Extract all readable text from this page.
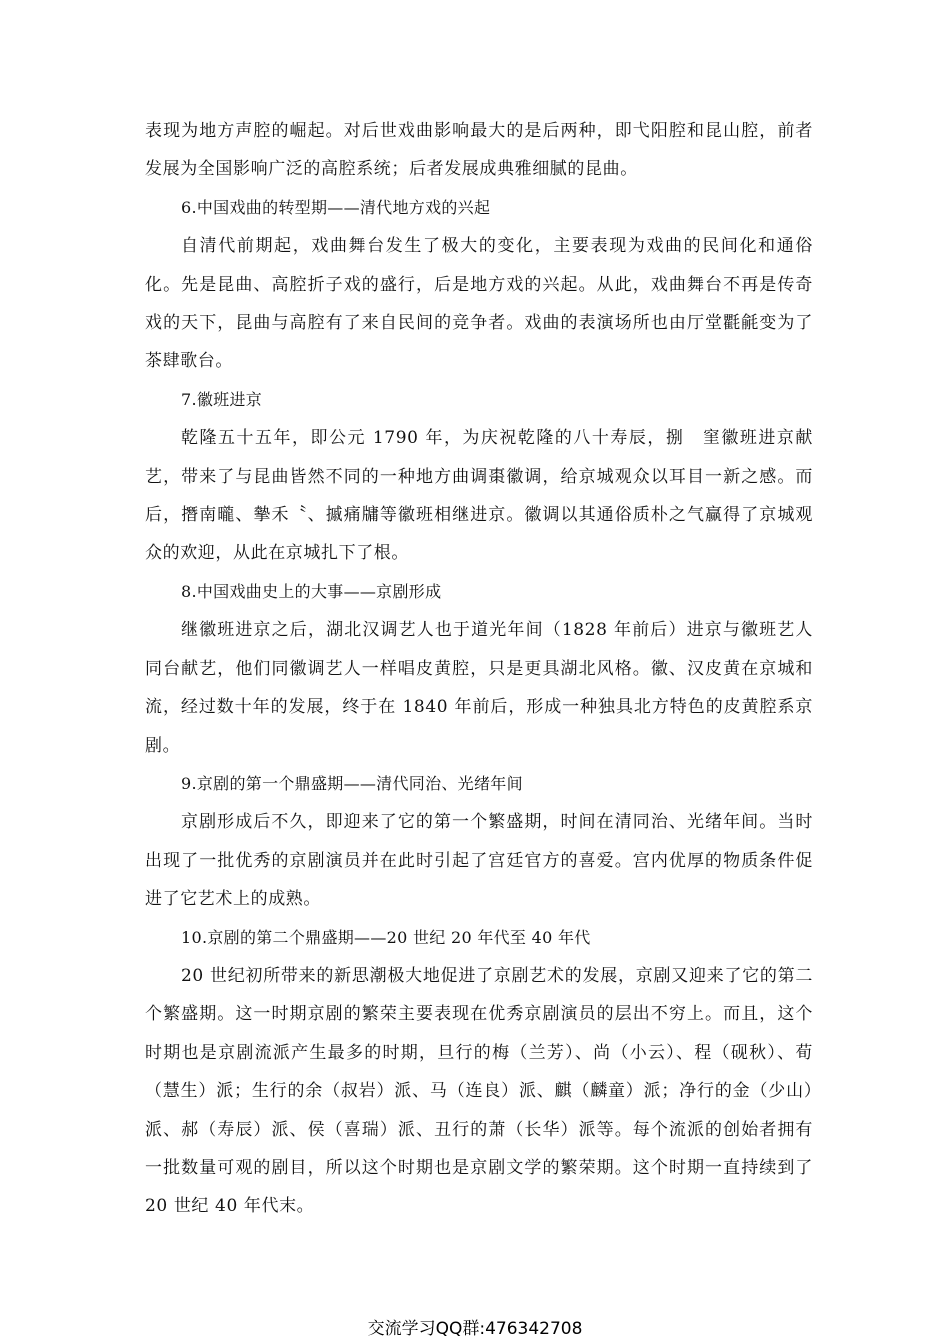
表现为地方声腔的崛起。对后世戏曲影响最大的是后两种，即弋阳腔和昆山腔，前者发展为全国影响广泛的高腔系统；后者发展成典雅细腻的昆曲。

6.中国戏曲的转型期——清代地方戏的兴起

自清代前期起，戏曲舞台发生了极大的变化，主要表现为戏曲的民间化和通俗化。先是昆曲、高腔折子戏的盛行，后是地方戏的兴起。从此，戏曲舞台不再是传奇戏的天下，昆曲与高腔有了来自民间的竞争者。戏曲的表演场所也由厅堂氍毹变为了茶肆歌台。

7.徽班进京

乾隆五十五年，即公元 1790 年，为庆祝乾隆的八十寿辰，捌　窐徽班进京献艺，带来了与昆曲皆然不同的一种地方曲调棗徽调，给京城观众以耳目一新之感。而后，撍南曨、摰禾〝、摵痛牗等徽班相继进京。徽调以其通俗质朴之气赢得了京城观众的欢迎，从此在京城扎下了根。

8.中国戏曲史上的大事——京剧形成

继徽班进京之后，湖北汉调艺人也于道光年间（1828 年前后）进京与徽班艺人同台献艺，他们同徽调艺人一样唱皮黄腔，只是更具湖北风格。徽、汉皮黄在京城和流，经过数十年的发展，终于在 1840 年前后，形成一种独具北方特色的皮黄腔系京剧。

9.京剧的第一个鼎盛期——清代同治、光绪年间

京剧形成后不久，即迎来了它的第一个繁盛期，时间在清同治、光绪年间。当时出现了一批优秀的京剧演员并在此时引起了宫廷官方的喜爱。宫内优厚的物质条件促进了它艺术上的成熟。

10.京剧的第二个鼎盛期——20 世纪 20 年代至 40 年代

20 世纪初所带来的新思潮极大地促进了京剧艺术的发展，京剧又迎来了它的第二个繁盛期。这一时期京剧的繁荣主要表现在优秀京剧演员的层出不穷上。而且，这个时期也是京剧流派产生最多的时期，旦行的梅（兰芳）、尚（小云）、程（砚秋）、荀（慧生）派；生行的余（叔岩）派、马（连良）派、麒（麟童）派；净行的金（少山）派、郝（寿辰）派、侯（喜瑞）派、丑行的萧（长华）派等。每个流派的创始者拥有一批数量可观的剧目，所以这个时期也是京剧文学的繁荣期。这个时期一直持续到了 20 世纪 40 年代末。

交流学习QQ群:476342708
